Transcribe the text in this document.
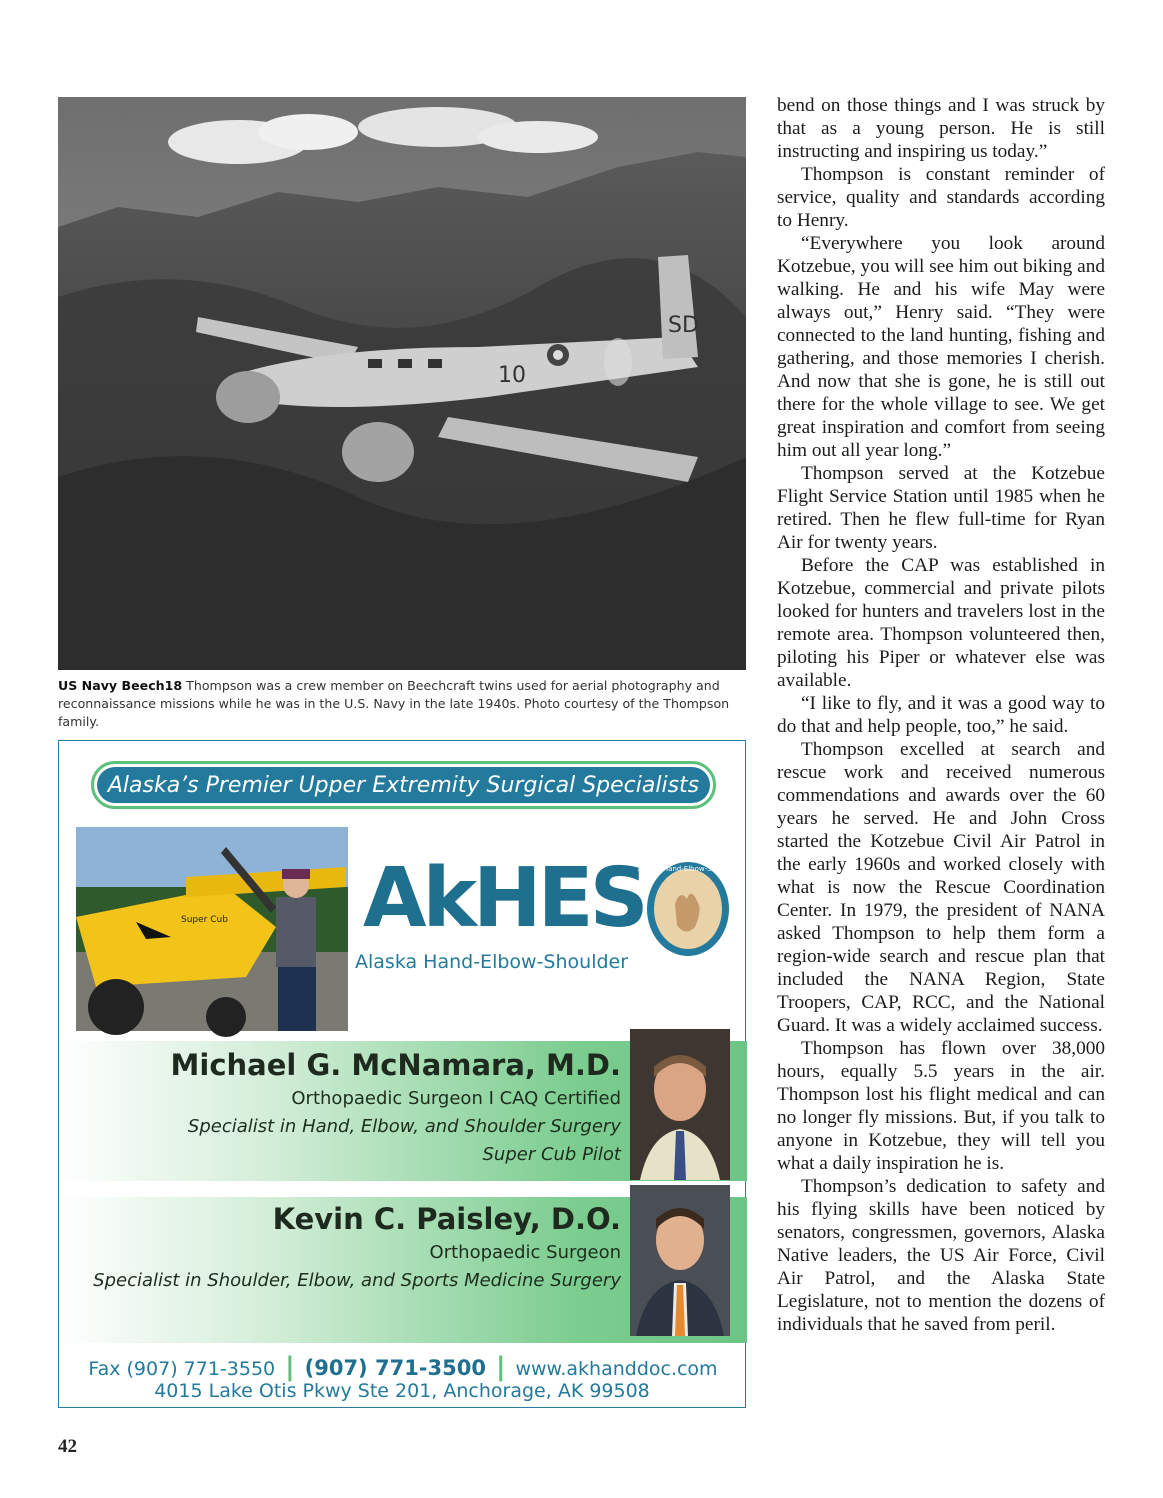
SD
10
US Navy Beech18 Thompson was a crew member on Beechcraft twins used for aerial photography and reconnaissance missions while he was in the U.S. Navy in the late 1940s. Photo courtesy of the Thompson family.

bend on those things and I was struck by that as a young person. He is still instructing and inspiring us today.”

Thompson is constant reminder of service, quality and standards according to Henry.

“Everywhere you look around Kotzebue, you will see him out biking and walking. He and his wife May were always out,” Henry said. “They were connected to the land hunting, fishing and gathering, and those memories I cherish. And now that she is gone, he is still out there for the whole village to see. We get great inspiration and comfort from seeing him out all year long.”

Thompson served at the Kotzebue Flight Service Station until 1985 when he retired. Then he flew full-time for Ryan Air for twenty years.

Before the CAP was established in Kotzebue, commercial and private pilots looked for hunters and travelers lost in the remote area. Thompson volunteered then, piloting his Piper or whatever else was available.

“I like to fly, and it was a good way to do that and help people, too,” he said.

Thompson excelled at search and rescue work and received numerous commendations and awards over the 60 years he served. He and John Cross started the Kotzebue Civil Air Patrol in the early 1960s and worked closely with what is now the Rescue Coordination Center. In 1979, the president of NANA asked Thompson to help them form a region-wide search and rescue plan that included the NANA Region, State Troopers, CAP, RCC, and the National Guard. It was a widely acclaimed success.

Thompson has flown over 38,000 hours, equally 5.5 years in the air. Thompson lost his flight medical and can no longer fly missions. But, if you talk to anyone in Kotzebue, they will tell you what a daily inspiration he is.

Thompson’s dedication to safety and his flying skills have been noticed by senators, congressmen, governors, Alaska Native leaders, the US Air Force, Civil Air Patrol, and the Alaska State Legislature, not to mention the dozens of individuals that he saved from peril.

Alaska’s Premier Upper Extremity Surgical Specialists
Super Cub AkHES
Alaska Hand-Elbow-Shoulder
Alaska Hand-Elbow-Shoulder
Michael G. McNamara, M.D.
Orthopaedic Surgeon I CAQ Certified
Specialist in Hand, Elbow, and Shoulder Surgery
Super Cub Pilot
Kevin C. Paisley, D.O.
Orthopaedic Surgeon
Specialist in Shoulder, Elbow, and Sports Medicine Surgery
Fax (907) 771-3550 | (907) 771-3500 | www.akhanddoc.com
4015 Lake Otis Pkwy Ste 201, Anchorage, AK 99508
42
